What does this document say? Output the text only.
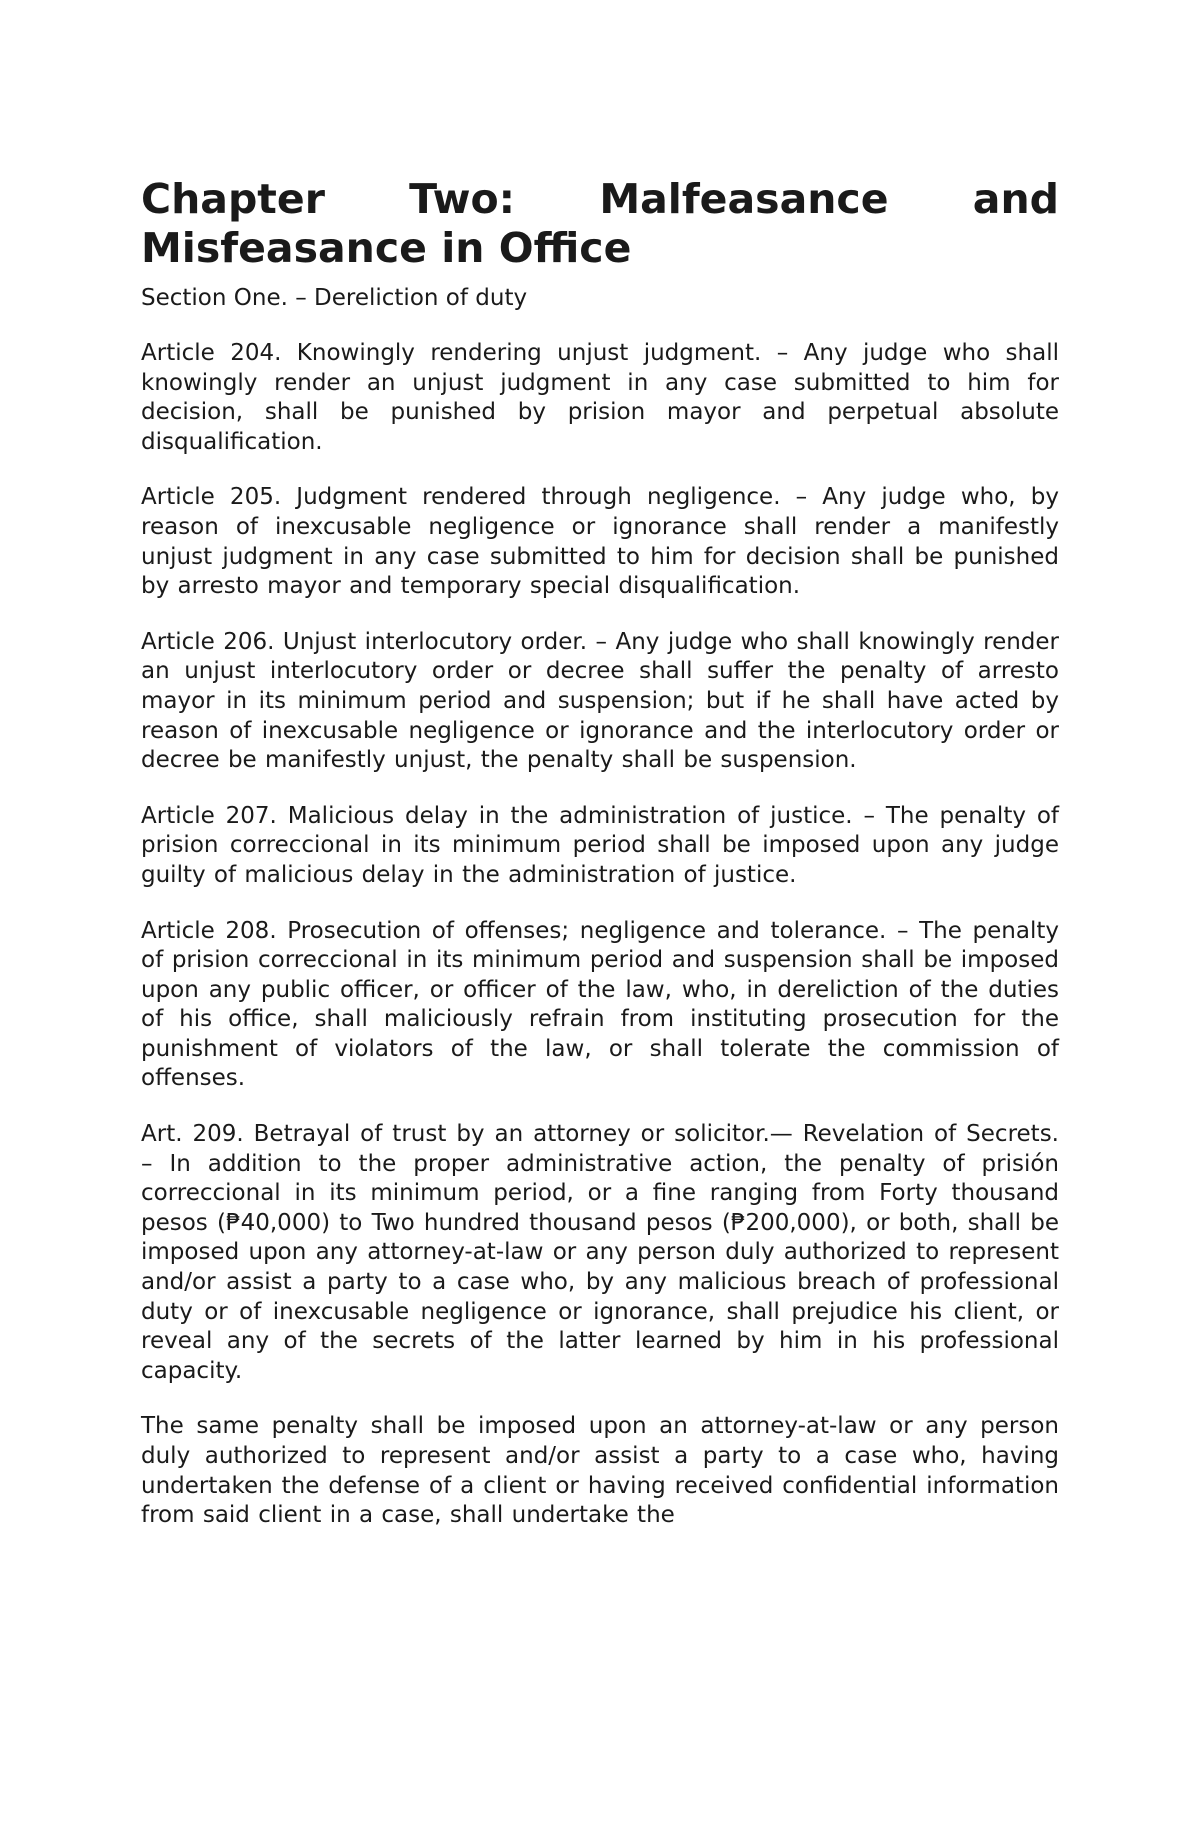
Chapter Two: Malfeasance and
Misfeasance in Office

Section One. – Dereliction of duty

Article 204. Knowingly rendering unjust judgment. – Any judge who shall knowingly render an unjust judgment in any case submitted to him for decision, shall be punished by prision mayor and perpetual absolute disqualification.

Article 205. Judgment rendered through negligence. – Any judge who, by reason of inexcusable negligence or ignorance shall render a manifestly unjust judgment in any case submitted to him for decision shall be punished by arresto mayor and temporary special disqualification.

Article 206. Unjust interlocutory order. – Any judge who shall knowingly render an unjust interlocutory order or decree shall suffer the penalty of arresto mayor in its minimum period and suspension; but if he shall have acted by reason of inexcusable negligence or ignorance and the interlocutory order or decree be manifestly unjust, the penalty shall be suspension.

Article 207. Malicious delay in the administration of justice. – The penalty of prision correccional in its minimum period shall be imposed upon any judge guilty of malicious delay in the administration of justice.

Article 208. Prosecution of offenses; negligence and tolerance. – The penalty of prision correccional in its minimum period and suspension shall be imposed upon any public officer, or officer of the law, who, in dereliction of the duties of his office, shall maliciously refrain from instituting prosecution for the punishment of violators of the law, or shall tolerate the commission of offenses.

Art. 209. Betrayal of trust by an attorney or solicitor.— Revelation of Secrets. – In addition to the proper administrative action, the penalty of prisión correccional in its minimum period, or a fine ranging from Forty thousand pesos (₱40,000) to Two hundred thousand pesos (₱200,000), or both, shall be imposed upon any attorney-at-law or any person duly authorized to represent and/or assist a party to a case who, by any malicious breach of professional duty or of inexcusable negligence or ignorance, shall prejudice his client, or reveal any of the secrets of the latter learned by him in his professional capacity.

The same penalty shall be imposed upon an attorney-at-law or any person duly authorized to represent and/or assist a party to a case who, having undertaken the defense of a client or having received confidential information from said client in a case, shall undertake the
